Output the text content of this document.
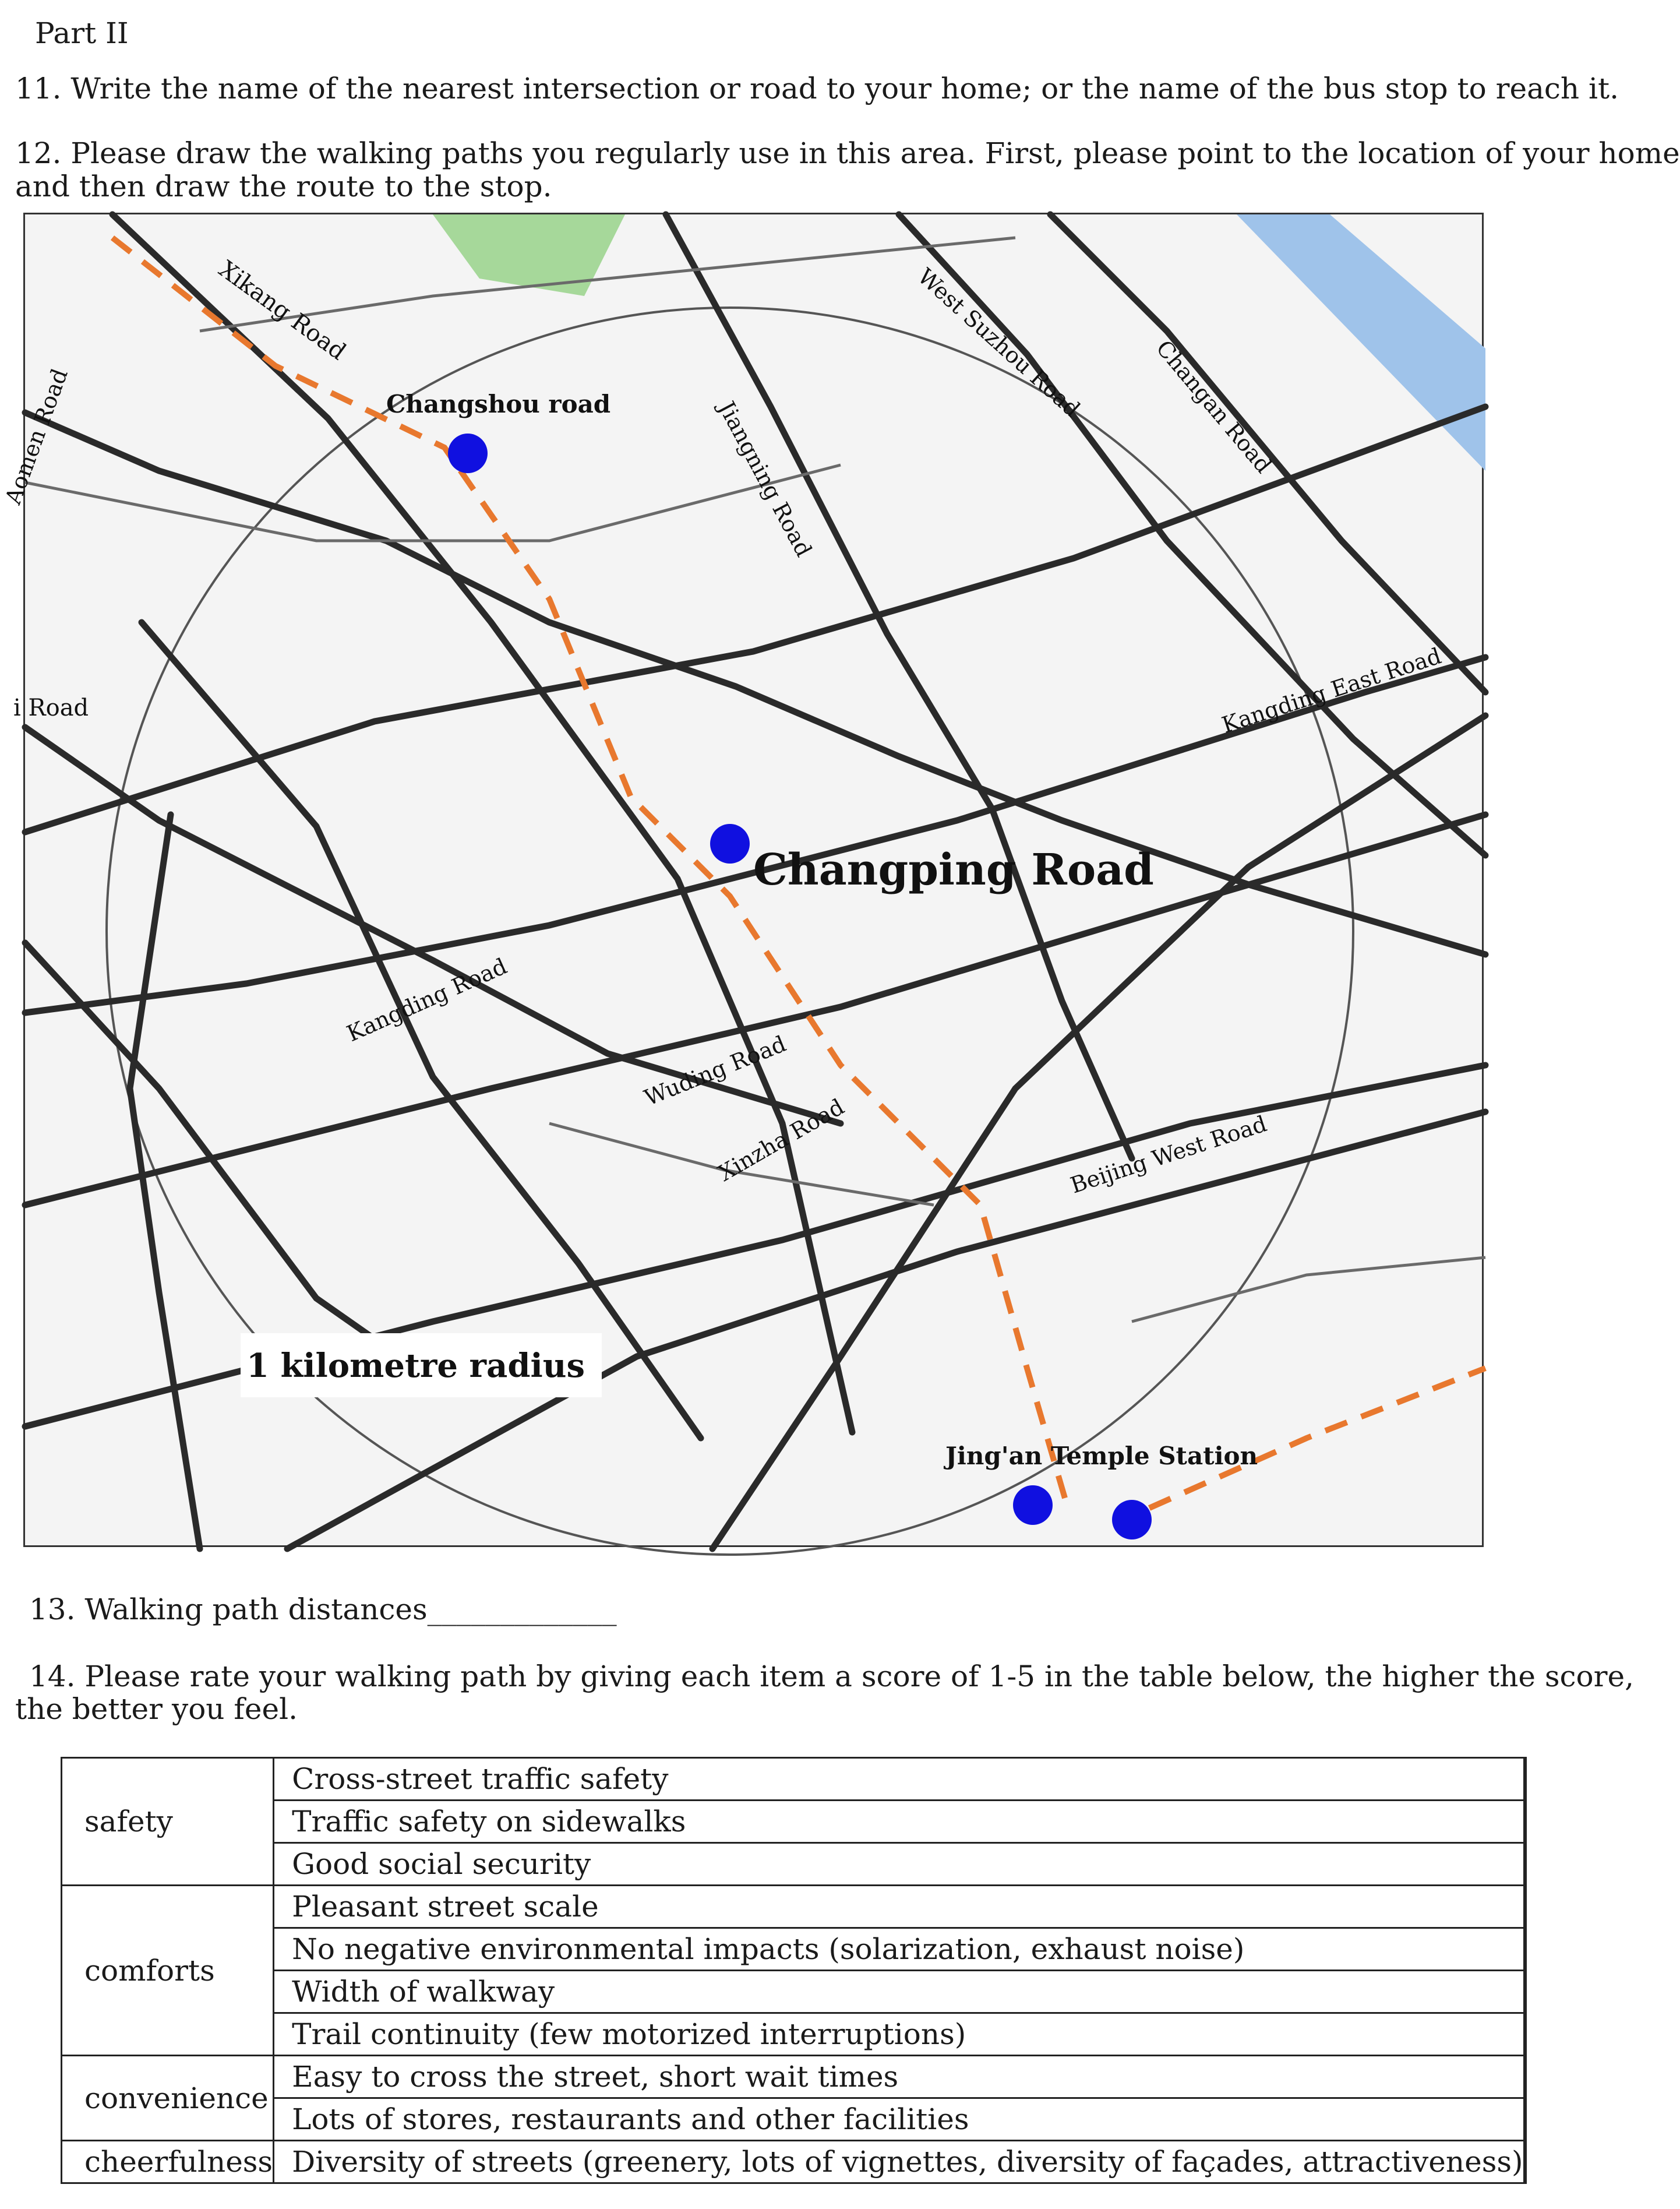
Part II
11. Write the name of the nearest intersection or road to your home; or the name of the bus stop to reach it.
12. Please draw the walking paths you regularly use in this area. First, please point to the location of your home
and then draw the route to the stop.
Xikang Road
Changshou road	Jiangning Road
West Suzhou Road	Changan Road
Aomen Road
i Road	Kangding East Road
Changping Road
Kangding Road
Wuding Road
Xinzha Road	Beijing West Road
1 kilometre radius
Jing'an Temple Station
13. Walking path distances_____________
14. Please rate your walking path by giving each item a score of 1-5 in the table below, the higher the score,
the better you feel.
safety	Cross-street traffic safety	
	Traffic safety on sidewalks	
	Good social security	
comforts	Pleasant street scale	
	No negative environmental impacts (solarization, exhaust noise)	
	Width of walkway	
	Trail continuity (few motorized interruptions)	
convenience	Easy to cross the street, short wait times	
	Lots of stores, restaurants and other facilities	
cheerfulness	Diversity of streets (greenery, lots of vignettes, diversity of façades, attractiveness)	
